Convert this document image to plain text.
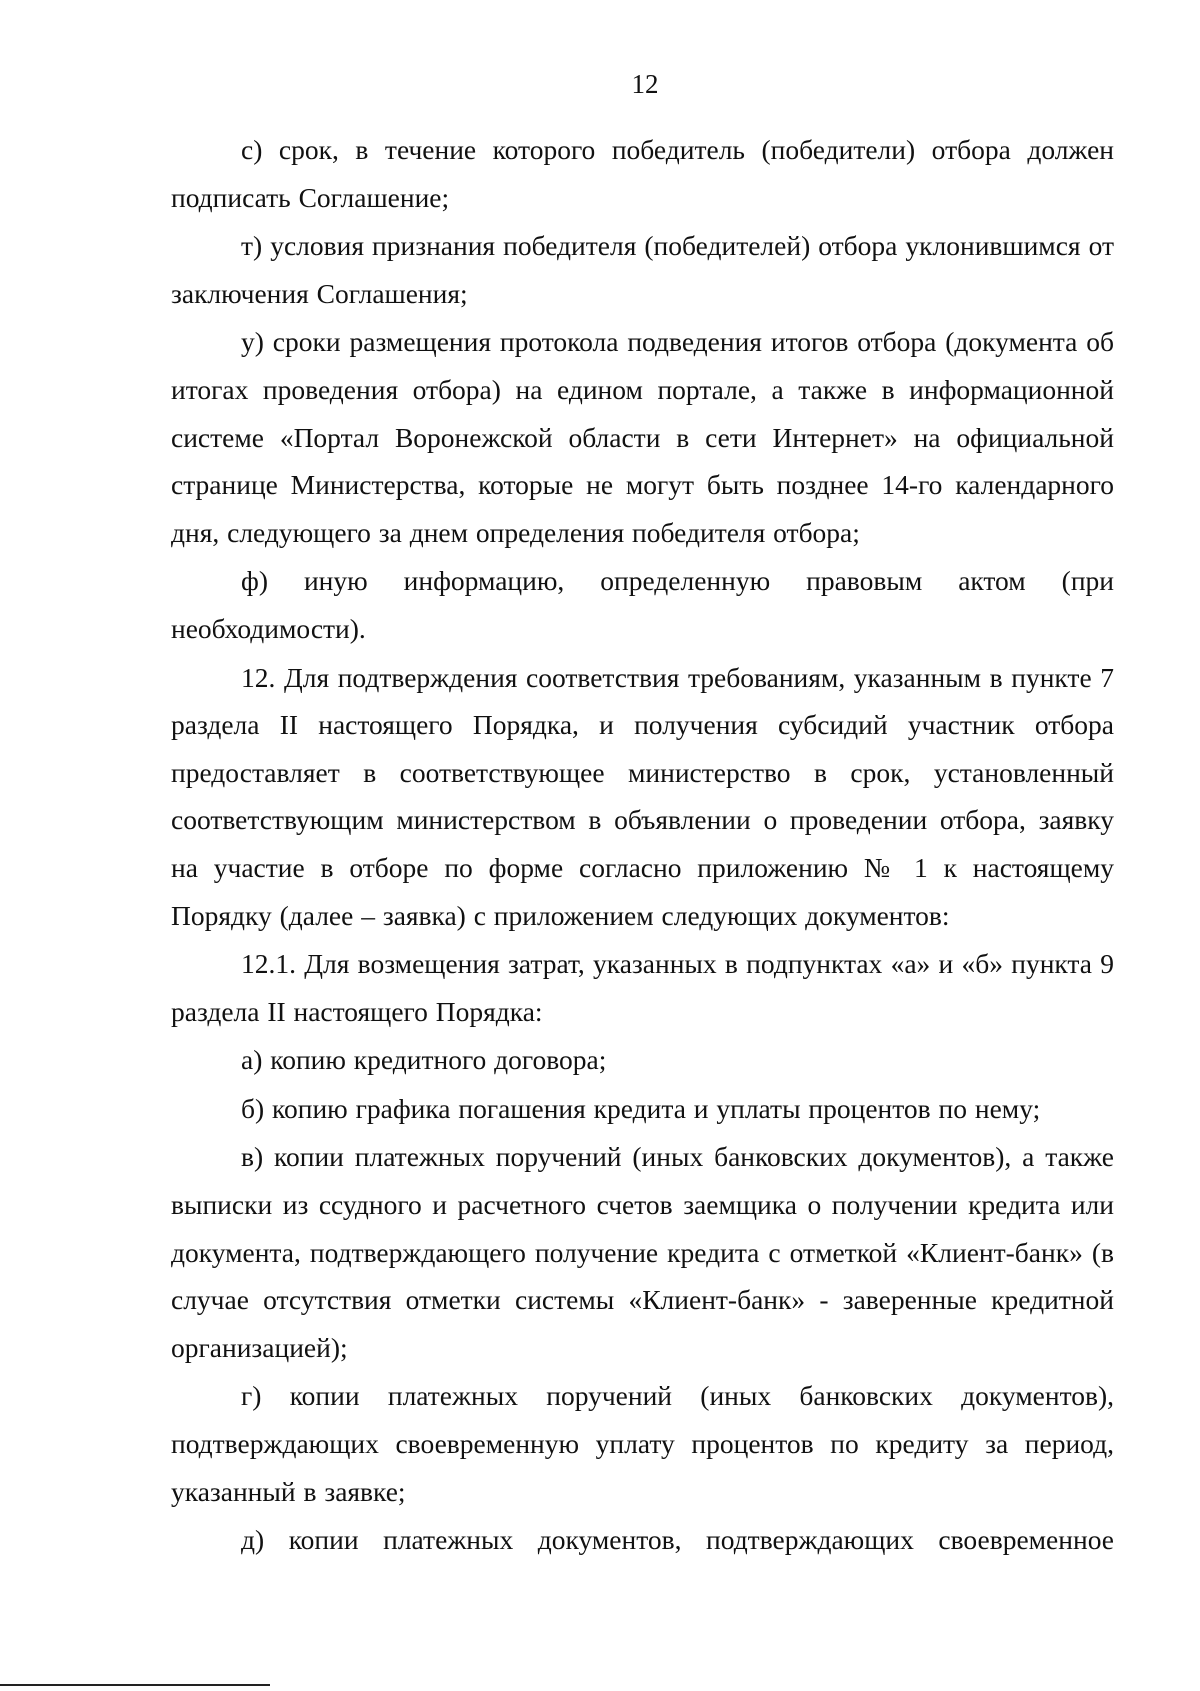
12

с) срок, в течение которого победитель (победители) отбора должен подписать Соглашение;

т) условия признания победителя (победителей) отбора уклонившимся от заключения Соглашения;

у) сроки размещения протокола подведения итогов отбора (документа об итогах проведения отбора) на едином портале, а также в информационной системе «Портал Воронежской области в сети Интернет» на официальной странице Министерства, которые не могут быть позднее 14-го календарного дня, следующего за днем определения победителя отбора;

ф) иную информацию, определенную правовым актом (при необходимости).

12. Для подтверждения соответствия требованиям, указанным в пункте 7 раздела II настоящего Порядка, и получения субсидий участник отбора предоставляет в соответствующее министерство в срок, установленный соответствующим министерством в объявлении о проведении отбора, заявку на участие в отборе по форме согласно приложению № 1 к настоящему Порядку (далее – заявка) с приложением следующих документов:

12.1. Для возмещения затрат, указанных в подпунктах «а» и «б» пункта 9 раздела II настоящего Порядка:

а) копию кредитного договора;

б) копию графика погашения кредита и уплаты процентов по нему;

в) копии платежных поручений (иных банковских документов), а также выписки из ссудного и расчетного счетов заемщика о получении кредита или документа, подтверждающего получение кредита с отметкой «Клиент-банк» (в случае отсутствия отметки системы «Клиент-банк» - заверенные кредитной организацией);

г) копии платежных поручений (иных банковских документов), подтверждающих своевременную уплату процентов по кредиту за период, указанный в заявке;

д) копии платежных документов, подтверждающих своевременное
